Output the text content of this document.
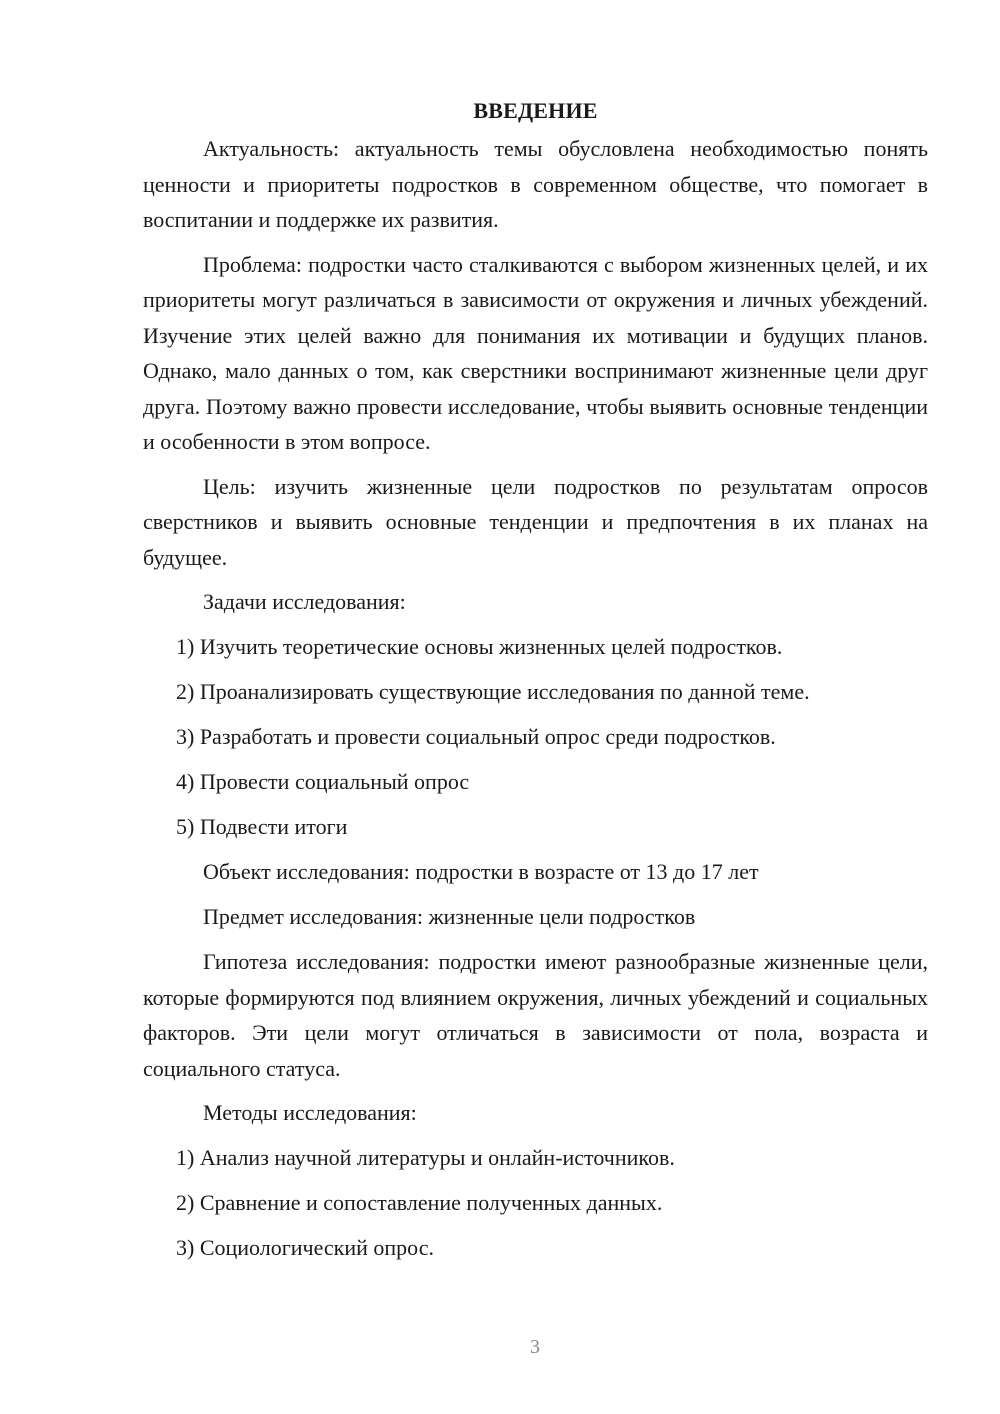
ВВЕДЕНИЕ

Актуальность: актуальность темы обусловлена необходимостью понять ценности и приоритеты подростков в современном обществе, что помогает в воспитании и поддержке их развития.

Проблема: подростки часто сталкиваются с выбором жизненных целей, и их приоритеты могут различаться в зависимости от окружения и личных убеждений. Изучение этих целей важно для понимания их мотивации и будущих планов. Однако, мало данных о том, как сверстники воспринимают жизненные цели друг друга. Поэтому важно провести исследование, чтобы выявить основные тенденции и особенности в этом вопросе.

Цель: изучить жизненные цели подростков по результатам опросов сверстников и выявить основные тенденции и предпочтения в их планах на будущее.

Задачи исследования:
1) Изучить теоретические основы жизненных целей подростков.
2) Проанализировать существующие исследования по данной теме.
3) Разработать и провести социальный опрос среди подростков.
4) Провести социальный опрос
5) Подвести итоги
Объект исследования: подростки в возрасте от 13 до 17 лет
Предмет исследования: жизненные цели подростков

Гипотеза исследования: подростки имеют разнообразные жизненные цели, которые формируются под влиянием окружения, личных убеждений и социальных факторов. Эти цели могут отличаться в зависимости от пола, возраста и социального статуса.

Методы исследования:
1) Анализ научной литературы и онлайн-источников.
2) Сравнение и сопоставление полученных данных.
3) Социологический опрос.
3
